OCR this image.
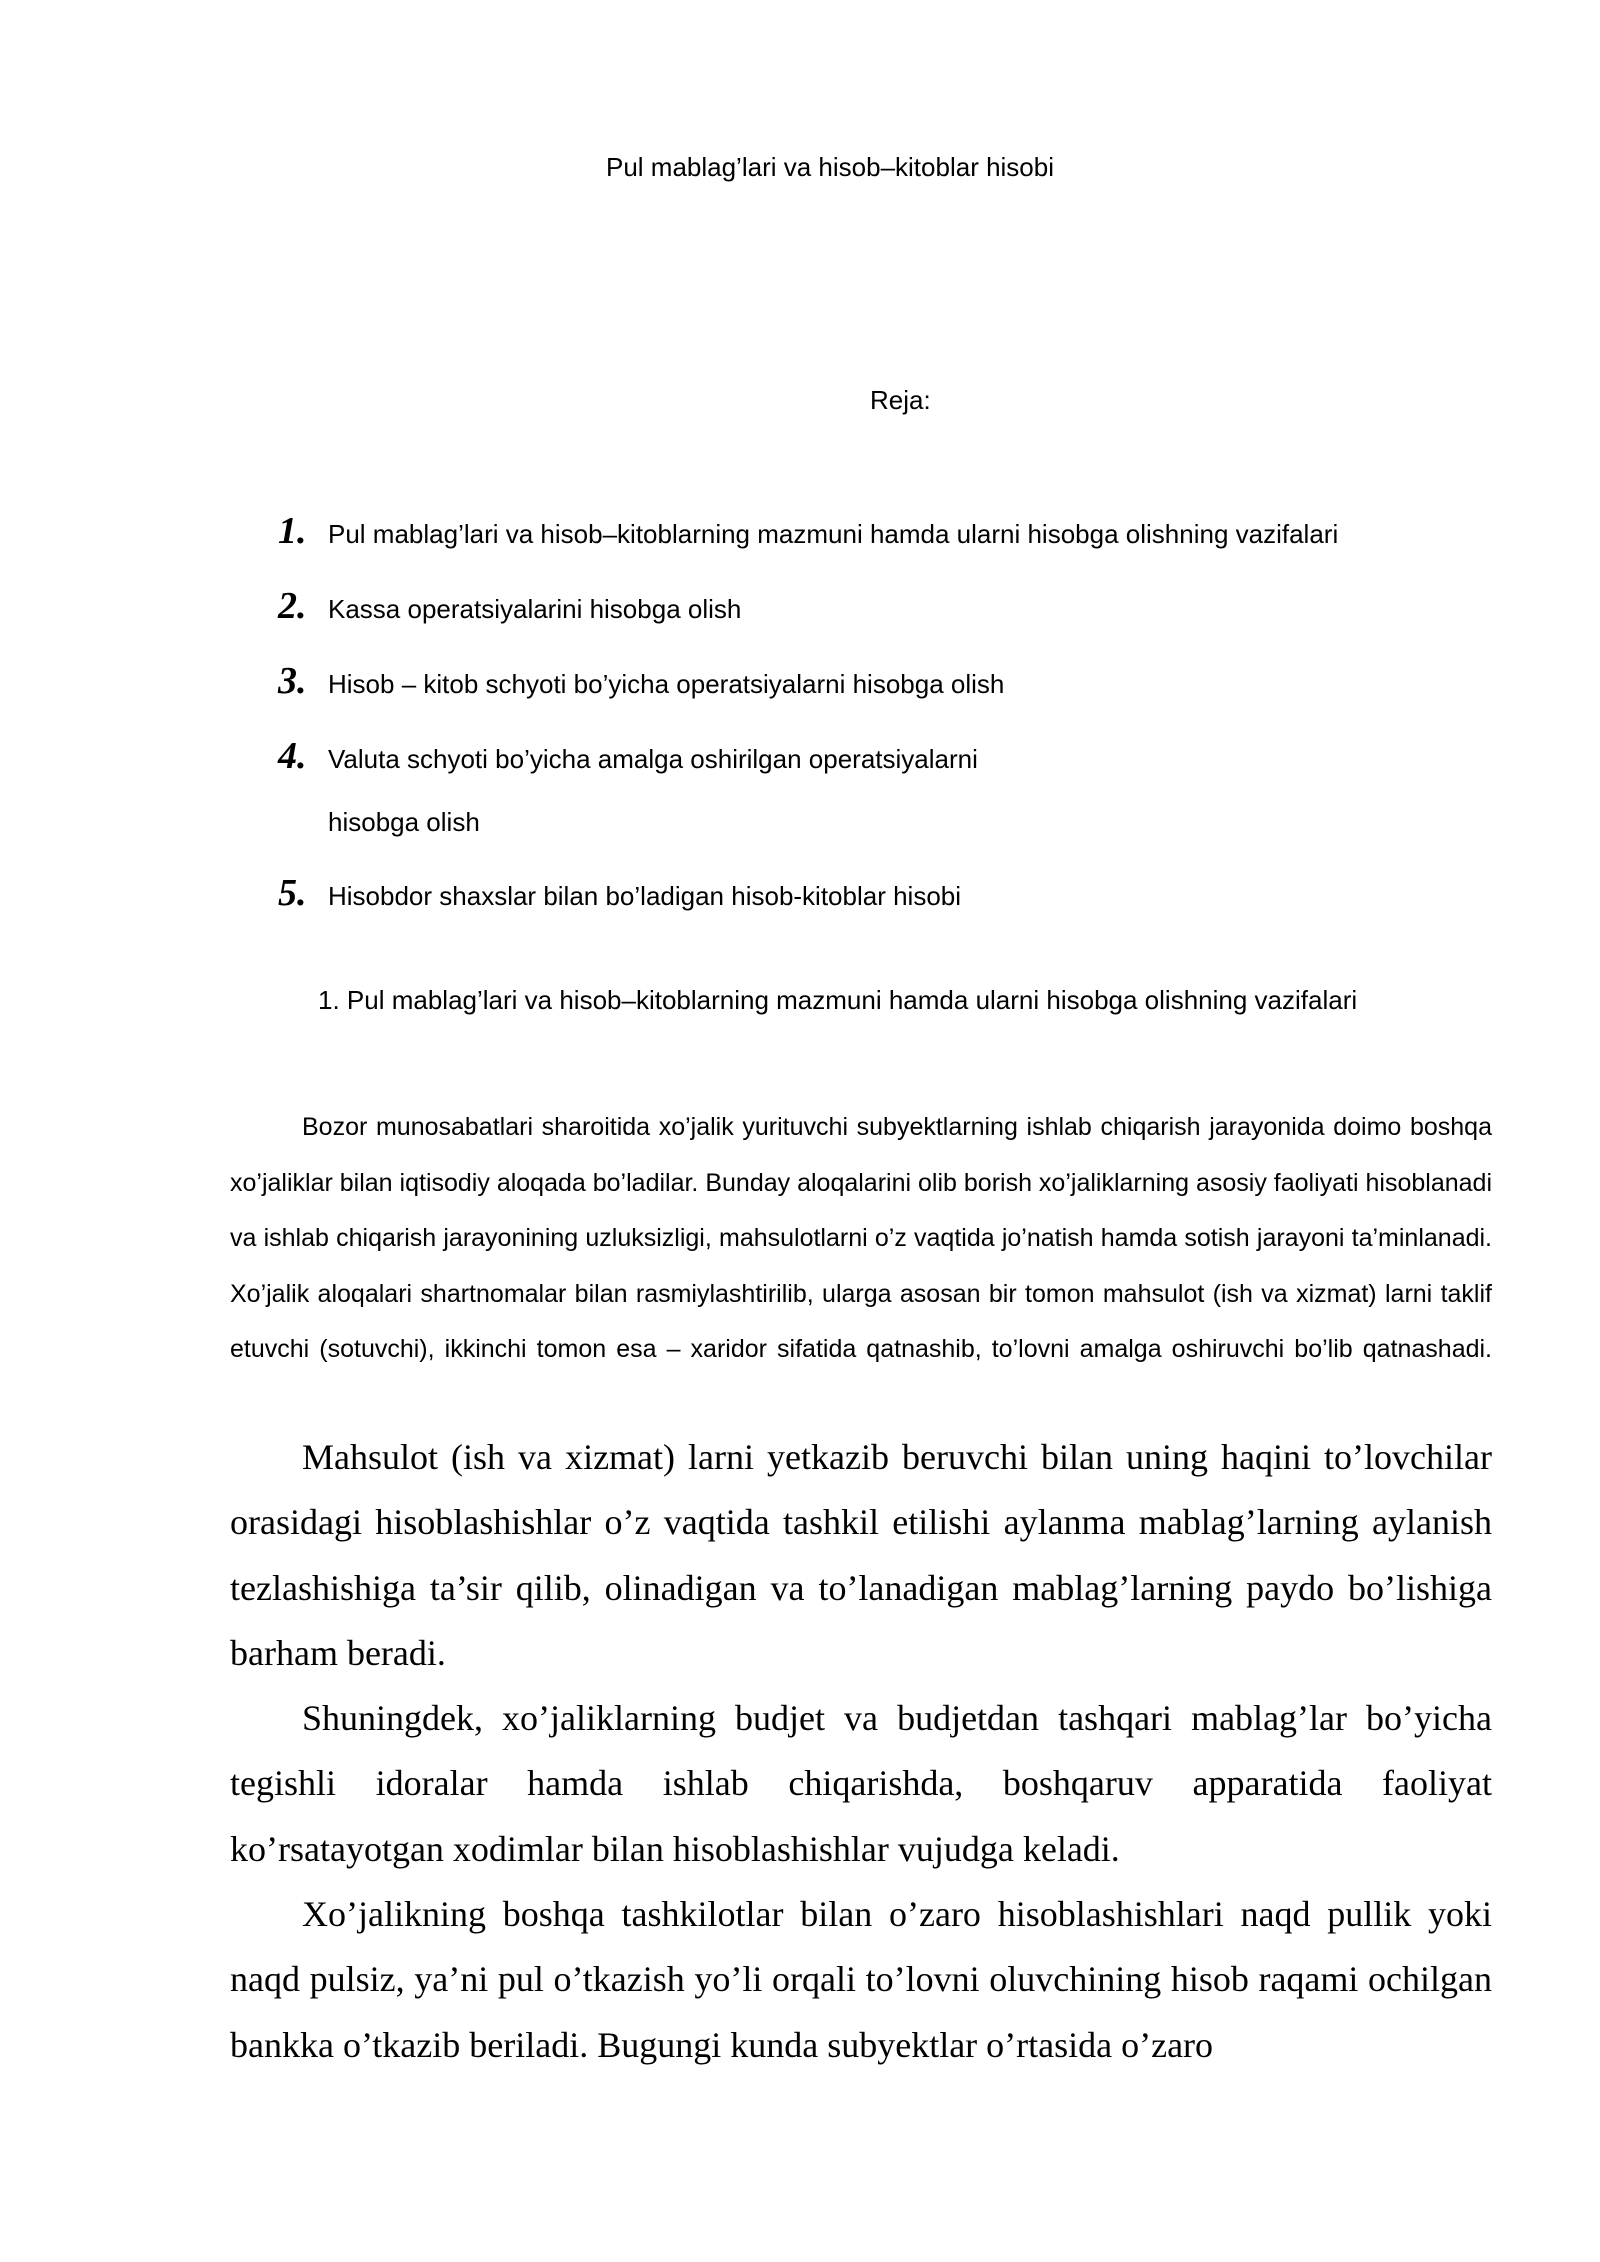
Pul mablag’lari va hisob–kitoblar hisobi
Reja:
1. Pul mablag’lari va hisob–kitoblarning mazmuni hamda ularni hisobga olishning vazifalari
2. Kassa operatsiyalarini hisobga olish
3. Hisob – kitob schyoti bo’yicha operatsiyalarni hisobga olish
4. Valuta schyoti bo’yicha amalga oshirilgan operatsiyalarni
hisobga olish
5. Hisobdor shaxslar bilan bo’ladigan hisob-kitoblar hisobi
1. Pul mablag’lari va hisob–kitoblarning mazmuni hamda ularni hisobga olishning vazifalari

Bozor munosabatlari sharoitida xo’jalik yurituvchi subyektlarning ishlab chiqarish jarayonida doimo boshqa xo’jaliklar bilan iqtisodiy aloqada bo’ladilar. Bunday aloqalarini olib borish xo’jaliklarning asosiy faoliyati hisoblanadi va ishlab chiqarish jarayonining uzluksizligi, mahsulotlarni o’z vaqtida jo’natish hamda sotish jarayoni ta’minlanadi. Xo’jalik aloqalari shartnomalar bilan rasmiylashtirilib, ularga asosan bir tomon mahsulot (ish va xizmat) larni taklif etuvchi (sotuvchi), ikkinchi tomon esa – xaridor sifatida qatnashib, to’lovni amalga oshiruvchi bo’lib qatnashadi.

Mahsulot (ish va xizmat) larni yetkazib beruvchi bilan uning haqini to’lovchilar orasidagi hisoblashishlar o’z vaqtida tashkil etilishi aylanma mablag’larning aylanish tezlashishiga ta’sir qilib, olinadigan va to’lanadigan mablag’larning paydo bo’lishiga barham beradi.

Shuningdek, xo’jaliklarning budjet va budjetdan tashqari mablag’lar bo’yicha tegishli idoralar hamda ishlab chiqarishda, boshqaruv apparatida faoliyat ko’rsatayotgan xodimlar bilan hisoblashishlar vujudga keladi.

Xo’jalikning boshqa tashkilotlar bilan o’zaro hisoblashishlari naqd pullik yoki naqd pulsiz, ya’ni pul o’tkazish yo’li orqali to’lovni oluvchining hisob raqami ochilgan bankka o’tkazib beriladi. Bugungi kunda subyektlar o’rtasida o’zaro
